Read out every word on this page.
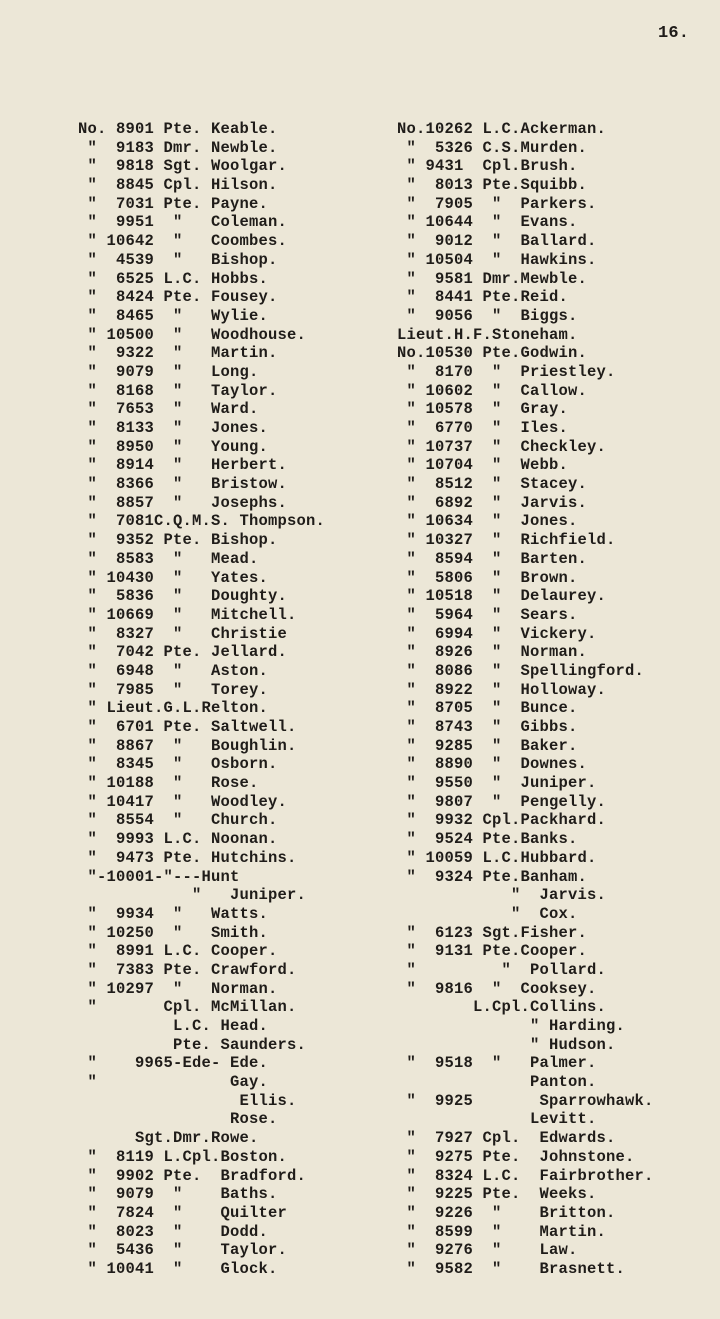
16.
No. 8901 Pte. Keable.
"  9183 Dmr. Newble.
"  9818 Sgt. Woolgar.
"  8845 Cpl. Hilson.
"  7031 Pte. Payne.
"  9951  "   Coleman.
" 10642  "   Coombes.
"  4539  "   Bishop.
"  6525 L.C. Hobbs.
"  8424 Pte. Fousey.
"  8465  "   Wylie.
" 10500  "   Woodhouse.
"  9322  "   Martin.
"  9079  "   Long.
"  8168  "   Taylor.
"  7653  "   Ward.
"  8133  "   Jones.
"  8950  "   Young.
"  8914  "   Herbert.
"  8366  "   Bristow.
"  8857  "   Josephs.
"  7081C.Q.M.S. Thompson.
"  9352 Pte. Bishop.
"  8583  "   Mead.
" 10430  "   Yates.
"  5836  "   Doughty.
" 10669  "   Mitchell.
"  8327  "   Christie
"  7042 Pte. Jellard.
"  6948  "   Aston.
"  7985  "   Torey.
" Lieut.G.L.Relton.
"  6701 Pte. Saltwell.
"  8867  "   Boughlin.
"  8345  "   Osborn.
" 10188  "   Rose.
" 10417  "   Woodley.
"  8554  "   Church.
"  9993 L.C. Noonan.
"  9473 Pte. Hutchins.
"-10001-"---Hunt
"   Juniper.
"  9934  "   Watts.
" 10250  "   Smith.
"  8991 L.C. Cooper.
"  7383 Pte. Crawford.
" 10297  "   Norman.
"       Cpl. McMillan.
L.C. Head.
Pte. Saunders.
"    9965-Ede- Ede.
"              Gay.
Ellis.
Rose.
Sgt.Dmr.Rowe.
"  8119 L.Cpl.Boston.
"  9902 Pte.  Bradford.
"  9079  "    Baths.
"  7824  "    Quilter
"  8023  "    Dodd.
"  5436  "    Taylor.
" 10041  "    Glock.
No.10262 L.C.Ackerman.
"  5326 C.S.Murden.
" 9431  Cpl.Brush.
"  8013 Pte.Squibb.
"  7905  "  Parkers.
" 10644  "  Evans.
"  9012  "  Ballard.
" 10504  "  Hawkins.
"  9581 Dmr.Mewble.
"  8441 Pte.Reid.
"  9056  "  Biggs.
Lieut.H.F.Stoneham.
No.10530 Pte.Godwin.
"  8170  "  Priestley.
" 10602  "  Callow.
" 10578  "  Gray.
"  6770  "  Iles.
" 10737  "  Checkley.
" 10704  "  Webb.
"  8512  "  Stacey.
"  6892  "  Jarvis.
" 10634  "  Jones.
" 10327  "  Richfield.
"  8594  "  Barten.
"  5806  "  Brown.
" 10518  "  Delaurey.
"  5964  "  Sears.
"  6994  "  Vickery.
"  8926  "  Norman.
"  8086  "  Spellingford.
"  8922  "  Holloway.
"  8705  "  Bunce.
"  8743  "  Gibbs.
"  9285  "  Baker.
"  8890  "  Downes.
"  9550  "  Juniper.
"  9807  "  Pengelly.
"  9932 Cpl.Packhard.
"  9524 Pte.Banks.
" 10059 L.C.Hubbard.
"  9324 Pte.Banham.
"  Jarvis.
"  Cox.
"  6123 Sgt.Fisher.
"  9131 Pte.Cooper.
"         "  Pollard.
"  9816  "  Cooksey.
L.Cpl.Collins.
" Harding.
" Hudson.
"  9518  "   Palmer.
Panton.
"  9925       Sparrowhawk.
Levitt.
"  7927 Cpl.  Edwards.
"  9275 Pte.  Johnstone.
"  8324 L.C.  Fairbrother.
"  9225 Pte.  Weeks.
"  9226  "    Britton.
"  8599  "    Martin.
"  9276  "    Law.
"  9582  "    Brasnett.
